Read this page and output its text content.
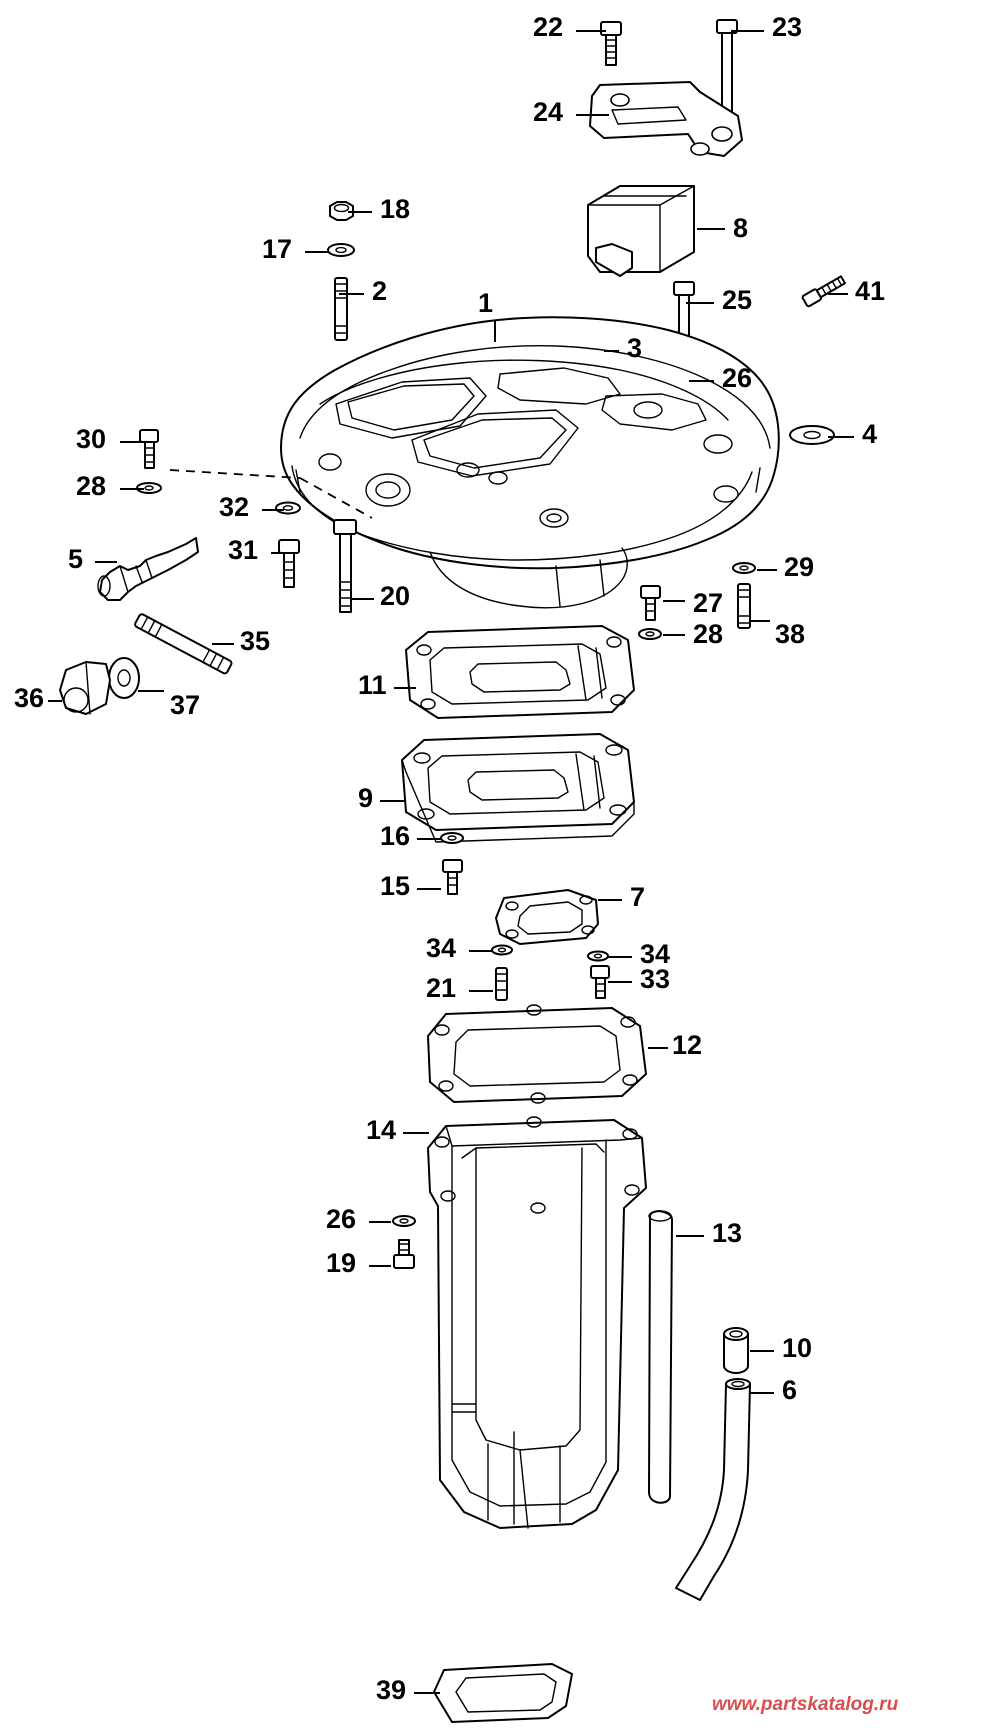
22	23
24
18
17
8
2	1	25	41
3
26
4
30
28
32
31
5
20
29
27
28 38
35
36	37
11
9
16
15	7
34	34
21	33
12
14
26	13
19
10
6
39	www.partskatalog.ru
